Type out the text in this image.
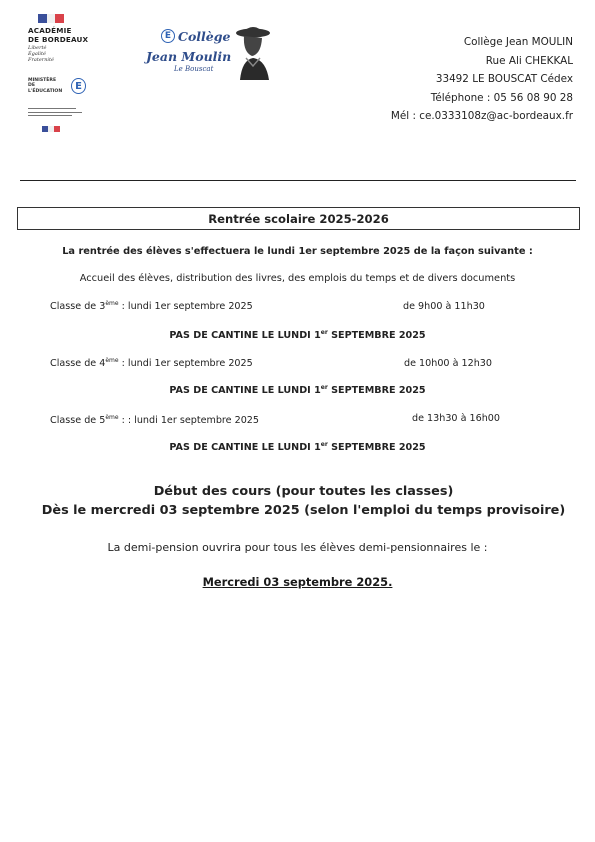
ACADÉMIE
DE BORDEAUX
Liberté
Égalité
Fraternité
MINISTÈRE
DE L'ÉDUCATION	E
E Collège
Jean Moulin
Le Bouscat
Collège Jean MOULIN
Rue Ali CHEKKAL
33492 LE BOUSCAT Cédex
Téléphone : 05 56 08 90 28
Mél : ce.0333108z@ac-bordeaux.fr
Rentrée scolaire 2025-2026
La rentrée des élèves s'effectuera le lundi 1er septembre 2025 de la façon suivante :
Accueil des élèves, distribution des livres, des emplois du temps et de divers documents
Classe de 3ème : lundi 1er septembre 2025	de 9h00 à 11h30
PAS DE CANTINE LE LUNDI 1er SEPTEMBRE 2025
Classe de 4ème : lundi 1er septembre 2025	de 10h00 à 12h30
PAS DE CANTINE LE LUNDI 1er SEPTEMBRE 2025
Classe de 5ème : : lundi 1er septembre 2025	de 13h30 à 16h00
PAS DE CANTINE LE LUNDI 1er SEPTEMBRE 2025
Début des cours (pour toutes les classes)
Dès le mercredi 03 septembre 2025 (selon l'emploi du temps provisoire)
La demi-pension ouvrira pour tous les élèves demi-pensionnaires le :
Mercredi 03 septembre 2025.
